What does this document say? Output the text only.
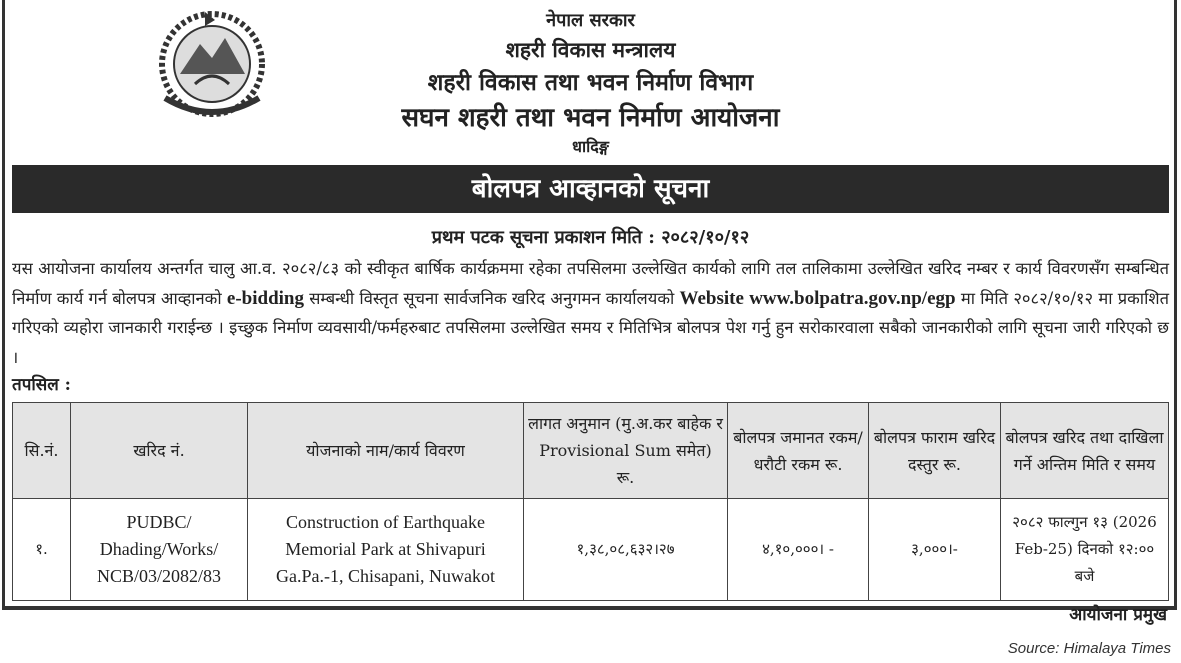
नेपाल सरकार
शहरी विकास मन्त्रालय
शहरी विकास तथा भवन निर्माण विभाग
सघन शहरी तथा भवन निर्माण आयोजना
धादिङ्ग
बोलपत्र आव्हानको सूचना
प्रथम पटक सूचना प्रकाशन मिति : २०८२/१०/१२
यस आयोजना कार्यालय अन्तर्गत चालु आ.व. २०८२/८३ को स्वीकृत बार्षिक कार्यक्रममा रहेका तपसिलमा उल्लेखित कार्यको लागि तल तालिकामा उल्लेखित खरिद नम्बर र कार्य विवरणसँग सम्बन्धित निर्माण कार्य गर्न बोलपत्र आव्हानको e-bidding सम्बन्धी विस्तृत सूचना सार्वजनिक खरिद अनुगमन कार्यालयको Website www.bolpatra.gov.np/egp मा मिति २०८२/१०/१२ मा प्रकाशित गरिएको व्यहोरा जानकारी गराईन्छ । इच्छुक निर्माण व्यवसायी/फर्महरुबाट तपसिलमा उल्लेखित समय र मितिभित्र बोलपत्र पेश गर्नु हुन सरोकारवाला सबैको जानकारीको लागि सूचना जारी गरिएको छ ।
तपसिल :
सि.नं.	खरिद नं.	योजनाको नाम/कार्य विवरण	लागत अनुमान (मु.अ.कर बाहेक र Provisional Sum समेत) रू.	बोलपत्र जमानत रकम/धरौटी रकम रू.	बोलपत्र फाराम खरिद दस्तुर रू.	बोलपत्र खरिद तथा दाखिला गर्ने अन्तिम मिति र समय
१.	PUDBC/ Dhading/Works/ NCB/03/2082/83	Construction of Earthquake Memorial Park at Shivapuri Ga.Pa.-1, Chisapani, Nuwakot	१,३८,०८,६३२।२७	४,१०,०००। -	३,०००।-	२०८२ फाल्गुन १३ (2026 Feb-25) दिनको १२:०० बजे
आयोजना प्रमुख
Source: Himalaya Times
